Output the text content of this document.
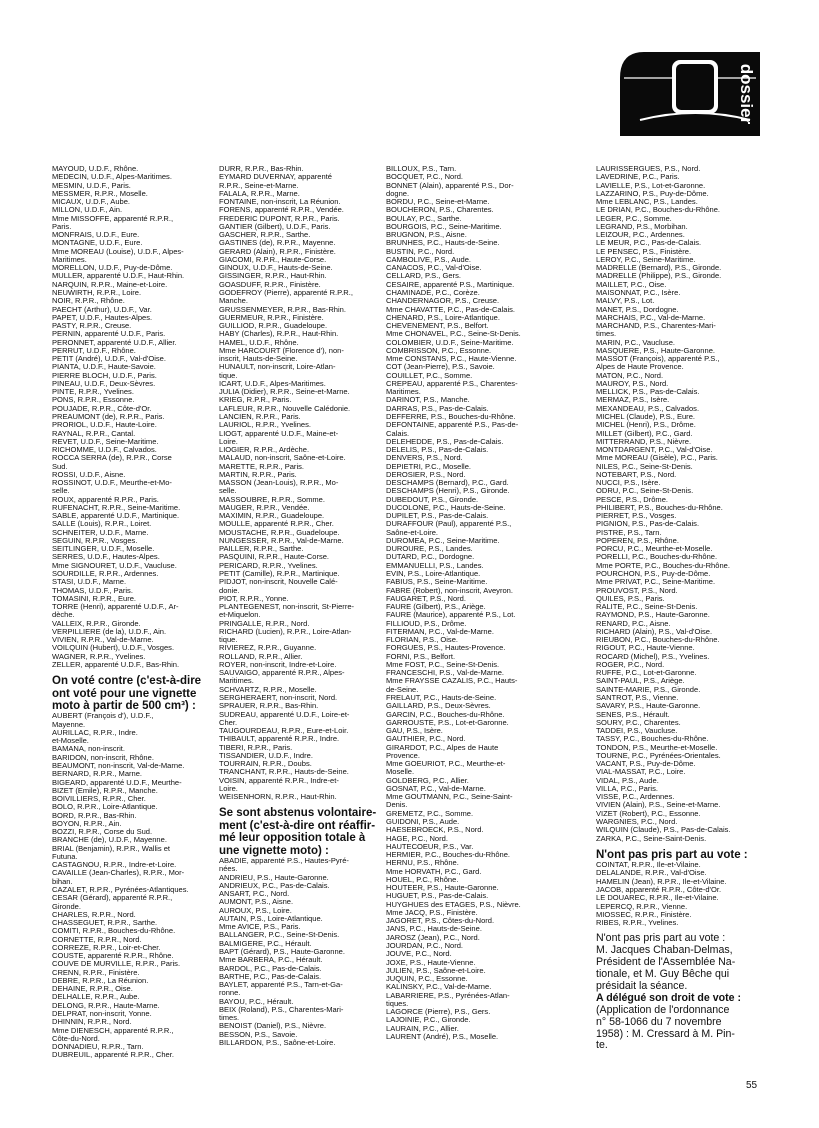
dossier
MAYOUD, U.D.F., Rhône.
MEDECIN, U.D.F., Alpes-Maritimes.
MESMIN, U.D.F., Paris.
MESSMER, R.P.R., Moselle.
MICAUX, U.D.F., Aube.
MILLON, U.D.F., Ain.
Mme MISSOFFE, apparenté R.P.R.,
Paris.
MONFRAIS, U.D.F., Eure.
MONTAGNE, U.D.F., Eure.
Mme MOREAU (Louise), U.D.F., Alpes-
Maritimes.
MORELLON, U.D.F., Puy-de-Dôme.
MULLER, apparenté U.D.F., Haut-Rhin.
NARQUIN, R.P.R., Maine-et-Loire.
NEUWIRTH, R.P.R., Loire.
NOIR, R.P.R., Rhône.
PAECHT (Arthur), U.D.F., Var.
PAPET, U.D.F., Hautes-Alpes.
PASTY, R.P.R., Creuse.
PERNIN, apparenté U.D.F., Paris.
PERONNET, apparenté U.D.F., Allier.
PERRUT, U.D.F., Rhône.
PETIT (André), U.D.F., Val-d'Oise.
PIANTA, U.D.F., Haute-Savoie.
PIERRE BLOCH, U.D.F., Paris.
PINEAU, U.D.F., Deux-Sèvres.
PINTE, R.P.R., Yvelines.
PONS, R.P.R., Essonne.
POUJADE, R.P.R., Côte-d'Or.
PREAUMONT (de), R.P.R., Paris.
PRORIOL, U.D.F., Haute-Loire.
RAYNAL, R.P.R., Cantal.
REVET, U.D.F., Seine-Maritime.
RICHOMME, U.D.F., Calvados.
ROCCA SERRA (de), R.P.R., Corse
Sud.
ROSSI, U.D.F., Aisne.
ROSSINOT, U.D.F., Meurthe-et-Mo-
selle.
ROUX, apparenté R.P.R., Paris.
RUFENACHT, R.P.R., Seine-Maritime.
SABLE, apparenté U.D.F., Martinique.
SALLE (Louis), R.P.R., Loiret.
SCHNEITER, U.D.F., Marne.
SEGUIN, R.P.R., Vosges.
SEITLINGER, U.D.F., Moselle.
SERRES, U.D.F., Hautes-Alpes.
Mme SIGNOURET, U.D.F., Vaucluse.
SOURDILLE, R.P.R., Ardennes.
STASI, U.D.F., Marne.
THOMAS, U.D.F., Paris.
TOMASINI, R.P.R., Eure.
TORRE (Henri), apparenté U.D.F., Ar-
dèche.
VALLEIX, R.P.R., Gironde.
VERPILLIERE (de la), U.D.F., Ain.
VIVIEN, R.P.R., Val-de-Marne.
VOILQUIN (Hubert), U.D.F., Vosges.
WAGNER, R.P.R., Yvelines.
ZELLER, apparenté U.D.F., Bas-Rhin.
On voté contre (c'est-à-dire
ont voté pour une vignette
moto à partir de 500 cm³) :
AUBERT (François d'), U.D.F.,
Mayenne.
AURILLAC, R.P.R., Indre.
et-Moselle.
BAMANA, non-inscrit.
BARIDON, non-inscrit, Rhône.
BEAUMONT, non-inscrit, Val-de-Marne.
BERNARD, R.P.R., Marne.
BIGEARD, apparenté U.D.F., Meurthe-
BIZET (Emile), R.P.R., Manche.
BOIVILLIERS, R.P.R., Cher.
BOLO, R.P.R., Loire-Atlantique.
BORD, R.P.R., Bas-Rhin.
BOYON, R.P.R., Ain.
BOZZI, R.P.R., Corse du Sud.
BRANCHE (de), U.D.F., Mayenne.
BRIAL (Benjamin), R.P.R., Wallis et
Futuna.
CASTAGNOU, R.P.R., Indre-et-Loire.
CAVAILLE (Jean-Charles), R.P.R., Mor-
bihan.
CAZALET, R.P.R., Pyrénées-Atlantiques.
CESAR (Gérard), apparenté R.P.R.,
Gironde.
CHARLES, R.P.R., Nord.
CHASSEGUET, R.P.R., Sarthe.
COMITI, R.P.R., Bouches-du-Rhône.
CORNETTE, R.P.R., Nord.
CORREZE, R.P.R., Loir-et-Cher.
COUSTE, apparenté R.P.R., Rhône.
COUVE DE MURVILLE, R.P.R., Paris.
CRENN, R.P.R., Finistère.
DEBRE, R.P.R., La Réunion.
DEHAINE, R.P.R., Oise.
DELHALLE, R.P.R., Aube.
DELONG, R.P.R., Haute-Marne.
DELPRAT, non-inscrit, Yonne.
DHINNIN, R.P.R., Nord.
Mme DIENESCH, apparenté R.P.R.,
Côte-du-Nord.
DONNADIEU, R.P.R., Tarn.
DUBREUIL, apparenté R.P.R., Cher.
DURR, R.P.R., Bas-Rhin.
EYMARD DUVERNAY, apparenté
R.P.R., Seine-et-Marne.
FALALA, R.P.R., Marne.
FONTAINE, non-inscrit, La Réunion.
FORENS, apparenté R.P.R., Vendée.
FREDERIC DUPONT, R.P.R., Paris.
GANTIER (Gilbert), U.D.F., Paris.
GASCHER, R.P.R., Sarthe.
GASTINES (de), R.P.R., Mayenne.
GERARD (Alain), R.P.R., Finistère.
GIACOMI, R.P.R., Haute-Corse.
GINOUX, U.D.F., Hauts-de-Seine.
GISSINGER, R.P.R., Haut-Rhin.
GOASDUFF, R.P.R., Finistère.
GODEFROY (Pierre), apparenté R.P.R.,
Manche.
GRUSSENMEYER, R.P.R., Bas-Rhin.
GUERMEUR, R.P.R., Finistère.
GUILLIOD, R.P.R., Guadeloupe.
HABY (Charles), R.P.R., Haut-Rhin.
HAMEL, U.D.F., Rhône.
Mme HARCOURT (Florence d'), non-
inscrit, Hauts-de-Seine.
HUNAULT, non-inscrit, Loire-Atlan-
tique.
ICART, U.D.F., Alpes-Maritimes.
JULIA (Didier), R.P.R., Seine-et-Marne.
KRIEG, R.P.R., Paris.
LAFLEUR, R.P.R., Nouvelle Calédonie.
LANCIEN, R.P.R., Paris.
LAURIOL, R.P.R., Yvelines.
LIOGT, apparenté U.D.F., Maine-et-
Loire.
LIOGIER, R.P.R., Ardèche.
MALAUD, non-inscrit, Saône-et-Loire.
MARETTE, R.P.R., Paris.
MARTIN, R.P.R., Paris.
MASSON (Jean-Louis), R.P.R., Mo-
selle.
MASSOUBRE, R.P.R., Somme.
MAUGER, R.P.R., Vendée.
MAXIMIN, R.P.R., Guadeloupe.
MOULLE, apparenté R.P.R., Cher.
MOUSTACHE, R.P.R., Guadeloupe.
NUNGESSER, R.P.R., Val-de-Marne.
PAILLER, R.P.R., Sarthe.
PASQUINI, R.P.R., Haute-Corse.
PERICARD, R.P.R., Yvelines.
PETIT (Camille), R.P.R., Martinique.
PIDJOT, non-inscrit, Nouvelle Calé-
donie.
PIOT, R.P.R., Yonne.
PLANTEGENEST, non-inscrit, St-Pierre-
et-Miquelon.
PRINGALLE, R.P.R., Nord.
RICHARD (Lucien), R.P.R., Loire-Atlan-
tique.
RIVIEREZ, R.P.R., Guyanne.
ROLLAND, R.P.R., Allier.
ROYER, non-inscrit, Indre-et-Loire.
SAUVAIGO, apparenté R.P.R., Alpes-
Maritimes.
SCHVARTZ, R.P.R., Moselle.
SERGHERAERT, non-inscrit, Nord.
SPRAUER, R.P.R., Bas-Rhin.
SUDREAU, apparenté U.D.F., Loire-et-
Cher.
TAUGOURDEAU, R.P.R., Eure-et-Loir.
THIBAULT, apparenté R.P.R., Indre.
TIBERI, R.P.R., Paris.
TISSANDIER, U.D.F., Indre.
TOURRAIN, R.P.R., Doubs.
TRANCHANT, R.P.R., Hauts-de-Seine.
VOISIN, apparenté R.P.R., Indre-et-
Loire.
WEISENHORN, R.P.R., Haut-Rhin.
Se sont abstenus volontaire-
ment (c'est-à-dire ont réaffir-
mé leur opposition totale à
une vignette moto) :
ABADIE, apparenté P.S., Hautes-Pyré-
nées.
ANDRIEU, P.S., Haute-Garonne.
ANDRIEUX, P.C., Pas-de-Calais.
ANSART, P.C., Nord.
AUMONT, P.S., Aisne.
AUROUX, P.S., Loire.
AUTAIN, P.S., Loire-Atlantique.
Mme AVICE, P.S., Paris.
BALLANGER, P.C., Seine-St-Denis.
BALMIGERE, P.C., Hérault.
BAPT (Gérard), P.S., Haute-Garonne.
Mme BARBERA, P.C., Hérault.
BARDOL, P.C., Pas-de-Calais.
BARTHE, P.C., Pas-de-Calais.
BAYLET, apparenté P.S., Tarn-et-Ga-
ronne.
BAYOU, P.C., Hérault.
BEIX (Roland), P.S., Charentes-Mari-
times.
BENOIST (Daniel), P.S., Nièvre.
BESSON, P.S., Savoie.
BILLARDON, P.S., Saône-et-Loire.
BILLOUX, P.S., Tarn.
BOCQUET, P.C., Nord.
BONNET (Alain), apparenté P.S., Dor-
dogne.
BORDU, P.C., Seine-et-Marne.
BOUCHERON, P.S., Charentes.
BOULAY, P.C., Sarthe.
BOURGOIS, P.C., Seine-Maritime.
BRUGNON, P.S., Aisne.
BRUNHES, P.C., Hauts-de-Seine.
BUSTIN, P.C., Nord.
CAMBOLIVE, P.S., Aude.
CANACOS, P.C., Val-d'Oise.
CELLARD, P.S., Gers.
CESAIRE, apparenté P.S., Martinique.
CHAMINADE, P.C., Corèze.
CHANDERNAGOR, P.S., Creuse.
Mme CHAVATTE, P.C., Pas-de-Calais.
CHENARD, P.S., Loire-Atlantique.
CHEVENEMENT, P.S., Belfort.
Mme CHONAVEL, P.C., Seine-St-Denis.
COLOMBIER, U.D.F., Seine-Maritime.
COMBRISSON, P.C., Essonne.
Mme CONSTANS, P.C., Haute-Vienne.
COT (Jean-Pierre), P.S., Savoie.
COUILLET, P.C., Somme.
CREPEAU, apparenté P.S., Charentes-
Maritimes.
DARINOT, P.S., Manche.
DARRAS, P.S., Pas-de-Calais.
DEFFERRE, P.S., Bouches-du-Rhône.
DEFONTAINE, apparenté P.S., Pas-de-
Calais.
DELEHEDDE, P.S., Pas-de-Calais.
DELELIS, P.S., Pas-de-Calais.
DENVERS, P.S., Nord.
DEPIETRI, P.C., Moselle.
DEROSIER, P.S., Nord.
DESCHAMPS (Bernard), P.C., Gard.
DESCHAMPS (Henri), P.S., Gironde.
DUBEDOUT, P.S., Gironde.
DUCOLONE, P.C., Hauts-de-Seine.
DUPILET, P.S., Pas-de-Calais.
DURAFFOUR (Paul), apparenté P.S.,
Saône-et-Loire.
DUROMEA, P.C., Seine-Maritime.
DUROURE, P.S., Landes.
DUTARD, P.C., Dordogne.
EMMANUELLI, P.S., Landes.
EVIN, P.S., Loire-Atlantique.
FABIUS, P.S., Seine-Maritime.
FABRE (Robert), non-inscrit, Aveyron.
FAUGARET, P.S., Nord.
FAURE (Gilbert), P.S., Ariège.
FAURE (Maurice), apparenté P.S., Lot.
FILLIOUD, P.S., Drôme.
FITERMAN, P.C., Val-de-Marne.
FLORIAN, P.S., Oise.
FORGUES, P.S., Hautes-Provence.
FORNI, P.S., Belfort.
Mme FOST, P.C., Seine-St-Denis.
FRANCESCHI, P.S., Val-de-Marne.
Mme FRAYSSE CAZALIS, P.C., Hauts-
de-Seine.
FRELAUT, P.C., Hauts-de-Seine.
GAILLARD, P.S., Deux-Sèvres.
GARCIN, P.C., Bouches-du-Rhône.
GARROUSTE, P.S., Lot-et-Garonne.
GAU, P.S., Isère.
GAUTHIER, P.C., Nord.
GIRARDOT, P.C., Alpes de Haute
Provence.
Mme GOEURIOT, P.C., Meurthe-et-
Moselle.
GOLDBERG, P.C., Allier.
GOSNAT, P.C., Val-de-Marne.
Mme GOUTMANN, P.C., Seine-Saint-
Denis.
GREMETZ, P.C., Somme.
GUIDONI, P.S., Aude.
HAESEBROECK, P.S., Nord.
HAGE, P.C., Nord.
HAUTECOEUR, P.S., Var.
HERMIER, P.C., Bouches-du-Rhône.
HERNU, P.S., Rhône.
Mme HORVATH, P.C., Gard.
HOUEL, P.C., Rhône.
HOUTEER, P.S., Haute-Garonne.
HUGUET, P.S., Pas-de-Calais.
HUYGHUES des ETAGES, P.S., Nièvre.
Mme JACQ, P.S., Finistère.
JAGORET, P.S., Côtes-du-Nord.
JANS, P.C., Hauts-de-Seine.
JAROSZ (Jean), P.C., Nord.
JOURDAN, P.C., Nord.
JOUVE, P.C., Nord.
JOXE, P.S., Haute-Vienne.
JULIEN, P.S., Saône-et-Loire.
JUQUIN, P.C., Essonne.
KALINSKY, P.C., Val-de-Marne.
LABARRIERE, P.S., Pyrénées-Atlan-
tiques.
LAGORCE (Pierre), P.S., Gers.
LAJOINIE, P.C., Gironde.
LAURAIN, P.C., Allier.
LAURENT (André), P.S., Moselle.
LAURISSERGUES, P.S., Nord.
LAVEDRINE, P.C., Paris.
LAVIELLE, P.S., Lot-et-Garonne.
LAZZARINO, P.S., Puy-de-Dôme.
Mme LEBLANC, P.S., Landes.
LE DRIAN, P.C., Bouches-du-Rhône.
LEGER, P.C., Somme.
LEGRAND, P.S., Morbihan.
LEIZOUR, P.C., Ardennes.
LE MEUR, P.C., Pas-de-Calais.
LE PENSEC, P.S., Finistère.
LEROY, P.C., Seine-Maritime.
MADRELLE (Bernard), P.S., Gironde.
MADRELLE (Philippe), P.S., Gironde.
MAILLET, P.C., Oise.
MAISONNAT, P.C., Isère.
MALVY, P.S., Lot.
MANET, P.S., Dordogne.
MARCHAIS, P.C., Val-de-Marne.
MARCHAND, P.S., Charentes-Mari-
times.
MARIN, P.C., Vaucluse.
MASQUERE, P.S., Haute-Garonne.
MASSOT (François), apparenté P.S.,
Alpes de Haute Provence.
MATON, P.C., Nord.
MAUROY, P.S., Nord.
MELLICK, P.S., Pas-de-Calais.
MERMAZ, P.S., Isère.
MEXANDEAU, P.S., Calvados.
MICHEL (Claude), P.S., Eure.
MICHEL (Henri), P.S., Drôme.
MILLET (Gilbert), P.C., Gard.
MITTERRAND, P.S., Nièvre.
MONTDARGENT, P.C., Val-d'Oise.
Mme MOREAU (Gisèle), P.C., Paris.
NILES, P.C., Seine-St-Denis.
NOTEBART, P.S., Nord.
NUCCI, P.S., Isère.
ODRU, P.C., Seine-St-Denis.
PESCE, P.S., Drôme.
PHILIBERT, P.S., Bouches-du-Rhône.
PIERRET, P.S., Vosges.
PIGNION, P.S., Pas-de-Calais.
PISTRE, P.S., Tarn.
POPEREN, P.S., Rhône.
PORCU, P.C., Meurthe-et-Moselle.
PORELLI, P.C., Bouches-du-Rhône.
Mme PORTE, P.C., Bouches-du-Rhône.
POURCHON, P.S., Puy-de-Dôme.
Mme PRIVAT, P.C., Seine-Maritime.
PROUVOST, P.S., Nord.
QUILES, P.S., Paris.
RALITE, P.C., Seine-St-Denis.
RAYMOND, P.S., Haute-Garonne.
RENARD, P.C., Aisne.
RICHARD (Alain), P.S., Val-d'Oise.
RIEUBON, P.C., Bouches-du-Rhône.
RIGOUT, P.C., Haute-Vienne.
ROCARD (Michel), P.S., Yvelines.
ROGER, P.C., Nord.
RUFFE, P.C., Lot-et-Garonne.
SAINT-PAUL, P.S., Ariège.
SAINTE-MARIE, P.S., Gironde.
SANTROT, P.S., Vienne.
SAVARY, P.S., Haute-Garonne.
SENES, P.S., Hérault.
SOURY, P.C., Charentes.
TADDEI, P.S., Vaucluse.
TASSY, P.C., Bouches-du-Rhône.
TONDON, P.S., Meurthe-et-Moselle.
TOURNE, P.C., Pyrénées-Orientales.
VACANT, P.S., Puy-de-Dôme.
VIAL-MASSAT, P.C., Loire.
VIDAL, P.S., Aude.
VILLA, P.C., Paris.
VISSE, P.C., Ardennes.
VIVIEN (Alain), P.S., Seine-et-Marne.
VIZET (Robert), P.C., Essonne.
WARGNIES, P.C., Nord.
WILQUIN (Claude), P.S., Pas-de-Calais.
ZARKA, P.C., Seine-Saint-Denis.
N'ont pas pris part au vote :
COINTAT, R.P.R., Ile-et-Vilaine.
DELALANDE, R.P.R., Val-d'Oise.
HAMELIN (Jean), R.P.R., Ile-et-Vilaine.
JACOB, apparenté R.P.R., Côte-d'Or.
LE DOUAREC, R.P.R., Ile-et-Vilaine.
LEPERCQ, R.P.R., Vienne.
MIOSSEC, R.P.R., Finistère.
RIBES, R.P.R., Yvelines.
N'ont pas pris part au vote :
M. Jacques Chaban-Delmas,
Président de l'Assemblée Na-
tionale, et M. Guy Bêche qui
présidait la séance.
A délégué son droit de vote :
(Application de l'ordonnance
n° 58-1066 du 7 novembre
1958) : M. Cressard à M. Pin-
te.
55
